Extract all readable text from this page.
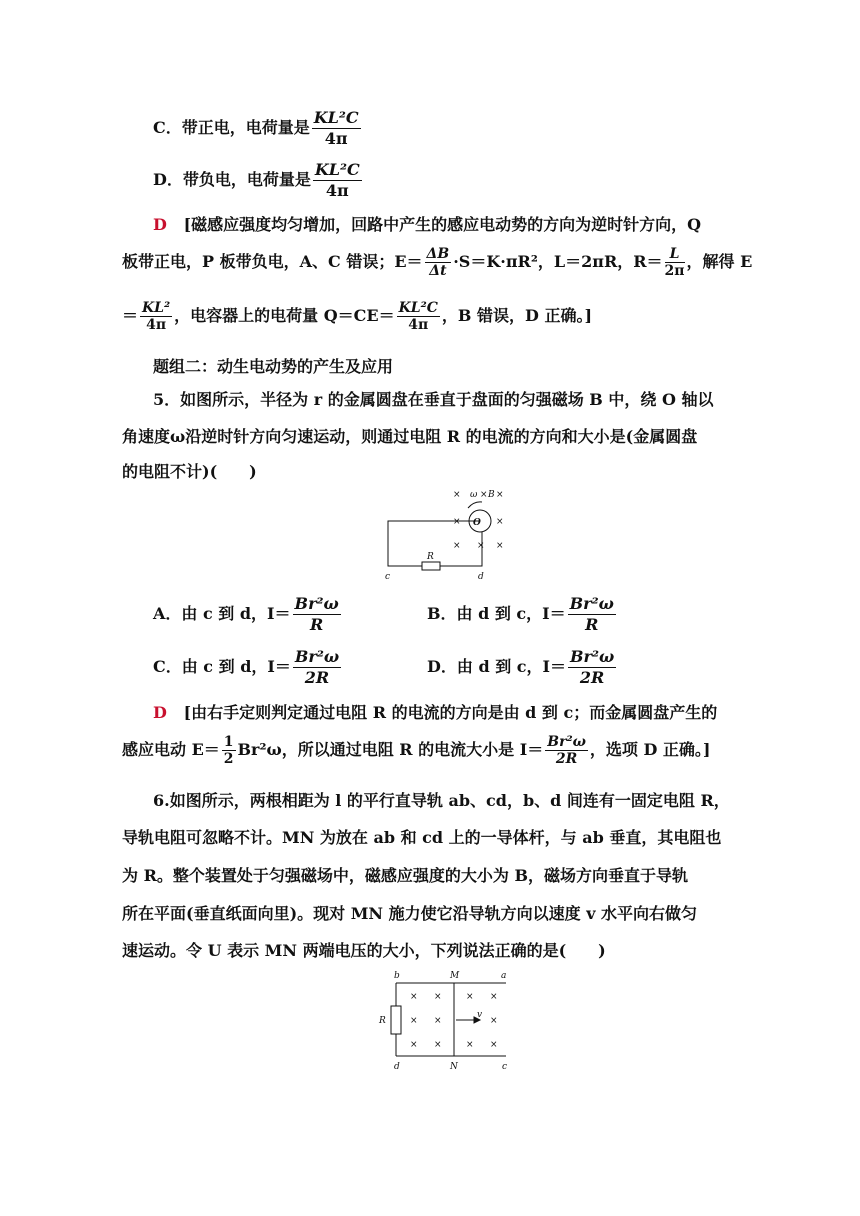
C．带正电，电荷量是 $\frac{\text{KL²C}}{4\pi}$
D．带负电，电荷量是 $\frac{\text{KL²C}}{4\pi}$
D [磁感应强度均匀增加，回路中产生的感应电动势的方向为逆时针方向，Q
板带正电，P 板带负电，A、C 错误；$E= \frac{\Delta B}{\Delta t} \cdot S=K\cdot\pi R^2$，L＝2πR，$R= \frac{L}{2\pi}$ ，解得 E
＝ $\frac{\text{KL²}}{4\pi}$ ，电容器上的电荷量 $Q=CE= \frac{\text{KL²C}}{4\pi}$ ，B 错误，D 正确。]
题组二：动生电动势的产生及应用
5．如图所示，半径为 r 的金属圆盘在垂直于盘面的匀强磁场 B 中，绕 O 轴以
角速度ω沿逆时针方向匀速运动，则通过电阻 R 的电流的方向和大小是(金属圆盘
的电阻不计)(　　)
× ω × B ×
× O ×
× × ×
R
c	d
A．由 c 到 d，$I= \frac{\text{Br²ω}}{R}$	B．由 d 到 c，$I= \frac{\text{Br²ω}}{R}$
C．由 c 到 d，$I= \frac{\text{Br²ω}}{2R}$	D．由 d 到 c，$I= \frac{\text{Br²ω}}{2R}$
D [由右手定则判定通过电阻 R 的电流的方向是由 d 到 c；而金属圆盘产生的
感应电动 $E= \frac{1}{2} Br^2\omega$，所以通过电阻 R 的电流大小是 $I= \frac{\text{Br²ω}}{2R}$ ，选项 D 正确。]
6.如图所示，两根相距为 l 的平行直导轨 ab、cd，b、d 间连有一固定电阻 R，
导轨电阻可忽略不计。MN 为放在 ab 和 cd 上的一导体杆，与 ab 垂直，其电阻也
为 R。整个装置处于匀强磁场中，磁感应强度的大小为 B，磁场方向垂直于导轨
所在平面(垂直纸面向里)。现对 MN 施力使它沿导轨方向以速度 v 水平向右做匀
速运动。令 U 表示 MN 两端电压的大小，下列说法正确的是(　　)
b	M	a
R
v
d	N	c
× ×	× ×
× ×	×
× ×	× ×
